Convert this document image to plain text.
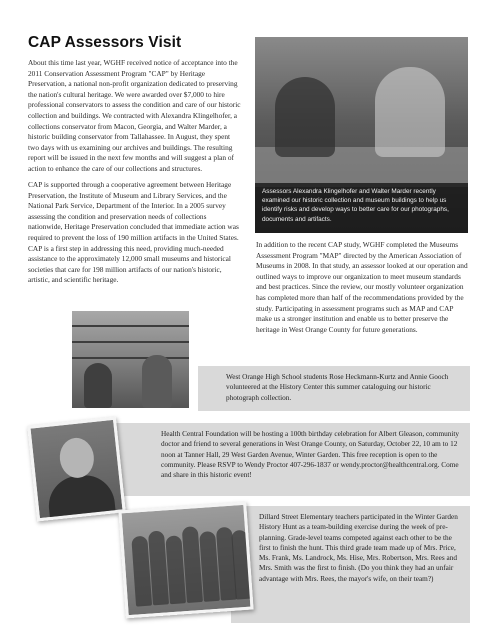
CAP Assessors Visit

About this time last year, WGHF received notice of acceptance into the 2011 Conservation Assessment Program "CAP" by Heritage Preservation, a national non-profit organization dedicated to preserving the nation's cultural heritage. We were awarded over $7,000 to hire professional conservators to assess the condition and care of our historic collection and buildings. We contracted with Alexandra Klingelhofer, a collections conservator from Macon, Georgia, and Walter Marder, a historic building conservator from Tallahassee. In August, they spent two days with us examining our archives and buildings. The resulting report will be issued in the next few months and will suggest a plan of action to enhance the care of our collections and structures.

CAP is supported through a cooperative agreement between Heritage Preservation, the Institute of Museum and Library Services, and the National Park Service, Department of the Interior. In a 2005 survey assessing the condition and preservation needs of collections nationwide, Heritage Preservation concluded that immediate action was required to prevent the loss of 190 million artifacts in the United States. CAP is a first step in addressing this need, providing much-needed assistance to the approximately 12,000 small museums and historical societies that care for 198 million artifacts of our nation's historic, artistic, and scientific heritage.

Assessors Alexandra Klingelhofer and Walter Marder recently examined our historic collection and museum buildings to help us identify risks and develop ways to better care for our photographs, documents and artifacts.

In addition to the recent CAP study, WGHF completed the Museums Assessment Program "MAP" directed by the American Association of Museums in 2008. In that study, an assessor looked at our operation and outlined ways to improve our organization to meet museum standards and best practices. Since the review, our mostly volunteer organization has completed more than half of the recommendations provided by the study. Participating in assessment programs such as MAP and CAP make us a stronger institution and enable us to better preserve the heritage in West Orange County for future generations.

West Orange High School students Rose Heckmann-Kurtz and Annie Gooch volunteered at the History Center this summer cataloguing our historic photograph collection.
Health Central Foundation will be hosting a 100th birthday celebration for Albert Gleason, community doctor and friend to several generations in West Orange County, on Saturday, October 22, 10 am to 12 noon at Tanner Hall, 29 West Garden Avenue, Winter Garden. This free reception is open to the community. Please RSVP to Wendy Proctor 407-296-1837 or wendy.proctor@healthcentral.org. Come and share in this historic event!
Dillard Street Elementary teachers participated in the Winter Garden History Hunt as a team-building exercise during the week of pre-planning. Grade-level teams competed against each other to be the first to finish the hunt. This third grade team made up of Mrs. Price, Ms. Frank, Ms. Landrock, Ms. Hise, Mrs. Robertson, Mrs. Rees and Mrs. Smith was the first to finish. (Do you think they had an unfair advantage with Mrs. Rees, the mayor's wife, on their team?)
